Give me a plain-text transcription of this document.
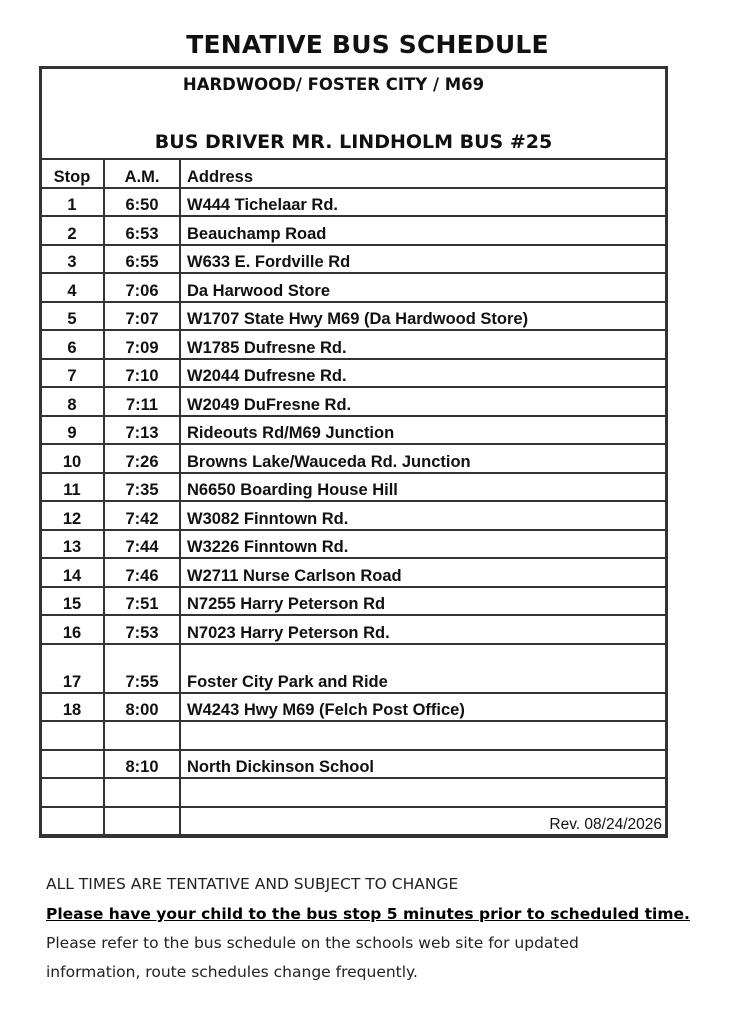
TENATIVE BUS SCHEDULE
HARDWOOD/ FOSTER CITY / M69
BUS DRIVER MR. LINDHOLM BUS #25
Stop	A.M.	Address
1	6:50	W444 Tichelaar Rd.
2	6:53	Beauchamp Road
3	6:55	W633 E. Fordville Rd
4	7:06	Da Harwood Store
5	7:07	W1707 State Hwy M69 (Da Hardwood Store)
6	7:09	W1785 Dufresne Rd.
7	7:10	W2044 Dufresne Rd.
8	7:11	W2049 DuFresne Rd.
9	7:13	Rideouts Rd/M69 Junction
10	7:26	Browns Lake/Wauceda Rd. Junction
11	7:35	N6650 Boarding House Hill
12	7:42	W3082 Finntown Rd.
13	7:44	W3226 Finntown Rd.
14	7:46	W2711 Nurse Carlson Road
15	7:51	N7255 Harry Peterson Rd
16	7:53	N7023 Harry Peterson Rd.
17	7:55	Foster City Park and Ride
18	8:00	W4243 Hwy M69 (Felch Post Office)

	8:10	North Dickinson School

		Rev. 08/24/2026
ALL TIMES ARE TENTATIVE AND SUBJECT TO CHANGE
Please have your child to the bus stop 5 minutes prior to scheduled time.
Please refer to the bus schedule on the schools web site for updated
information, route schedules change frequently.
